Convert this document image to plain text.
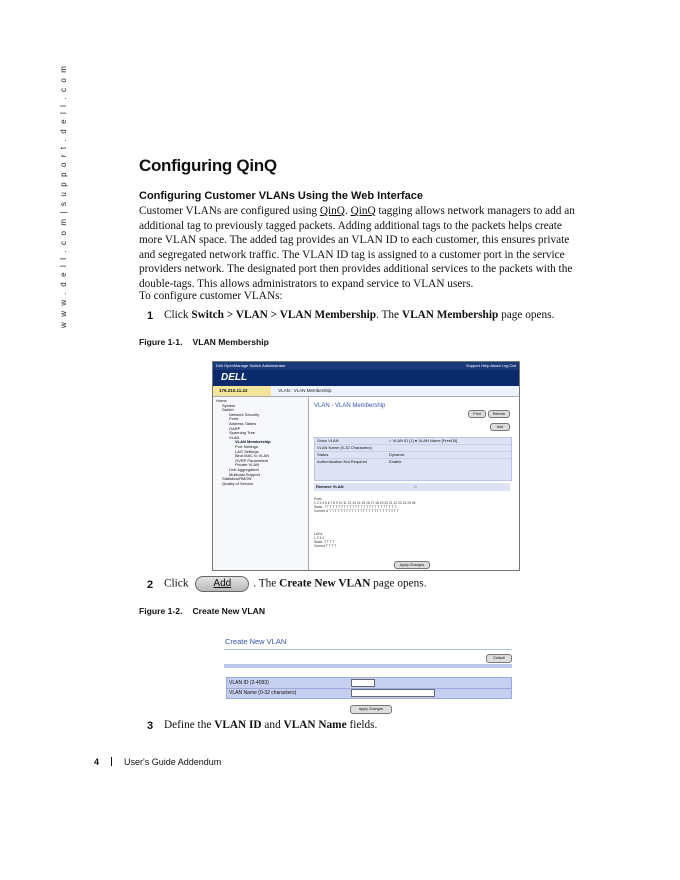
w w w . d e l l . c o m | s u p p o r t . d e l l . c o m	Configuring QinQ
Configuring Customer VLANs Using the Web Interface
Customer VLANs are configured using QinQ. QinQ tagging allows network managers to add an additional tag to previously tagged packets. Adding additional tags to the packets helps create more VLAN space. The added tag provides an VLAN ID to each customer, this ensures private and segregated network traffic. The VLAN ID tag is assigned to a customer port in the service providers network. The designated port then provides additional services to the packets with the double-tags. This allows administrators to expand service to VLAN users.
To configure customer VLANs:
1 Click Switch > VLAN > VLAN Membership. The VLAN Membership page opens.
Figure 1-1. VLAN Membership
Dell OpenManage Switch Administrator	Support Help About Log Out
DELL
176.210.11.22	VLAN : VLAN Membership
Home
System
Switch
Network Security
Ports
Address Tables
GARP
Spanning Tree
VLAN
VLAN Membership
Port Settings
LAG Settings
Bind MAC to VLAN
GVRP Parameters
Private VLAN
Link Aggregation
Multicast Support
Statistics/RMON
Quality of Service
VLAN - VLAN Membership
Print	Refresh
Add
Show VLAN	○ VLAN ID [1] ● VLAN Name [FreeOil]
VLAN Name (0-32 Characters)
Status	Dynamic
Authentication Not Required	Enable
Remove VLAN	□
Ports
1 2 3 4 5 6 7 8 9 10 11 12 13 14 15 16 17 18 19 20 21 22 23 24 25 26
Static  T T T T T T T T T T T T T T T T T T T T T T T T T T
Current U T T T T T T T T T T T T T T T T T T T T T T T T T
LAGs
1 2 3 4
Static  T T T T
Current T T T T
Apply Changes
2 Click Add . The Create New VLAN page opens.
Figure 1-2. Create New VLAN
Create New VLAN
Default
VLAN ID (2-4093)
VLAN Name (0-32 characters)
Apply Changes
3 Define the VLAN ID and VLAN Name fields.
4	User's Guide Addendum
